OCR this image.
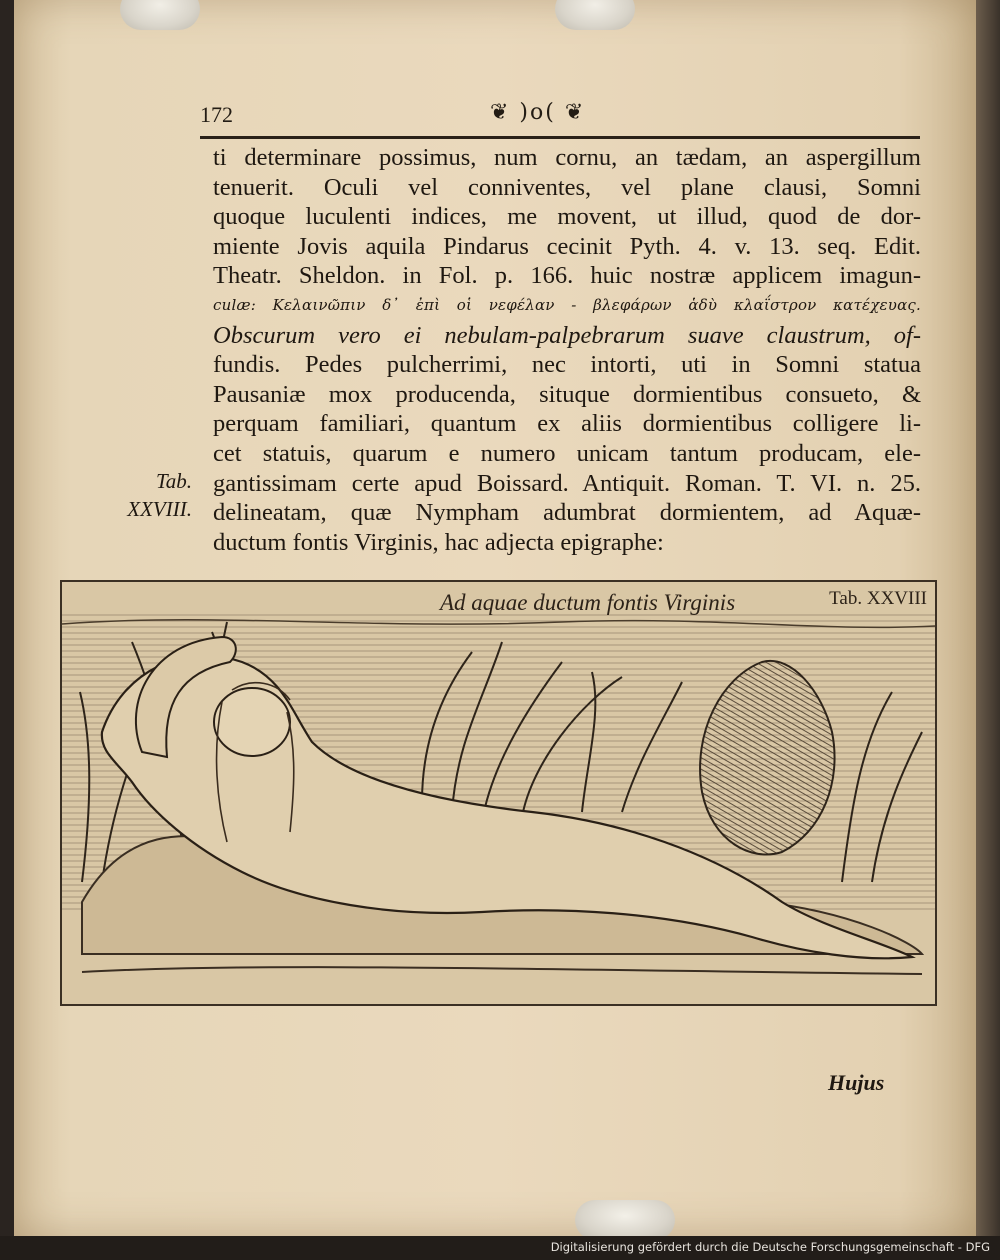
172	❦ )o( ❦
ti determinare possimus, num cornu, an tædam, an aspergillum
tenuerit. Oculi vel conniventes, vel plane clausi, Somni
quoque luculenti indices, me movent, ut illud, quod de dor-
miente Jovis aquila Pindarus cecinit Pyth. 4. v. 13. seq. Edit.
Theatr. Sheldon. in Fol. p. 166. huic nostræ applicem imagun-
culæ: Κελαινῶπιν δ᾽ ἐπὶ οἱ νεφέλαν - βλεφάρων ἁδὺ κλαΐστρον κατέχευας.
Obscurum vero ei nebulam-palpebrarum suave claustrum, of-
fundis. Pedes pulcherrimi, nec intorti, uti in Somni statua
Pausaniæ mox producenda, situque dormientibus consueto, &
perquam familiari, quantum ex aliis dormientibus colligere li-
cet statuis, quarum e numero unicam tantum producam, ele-
gantissimam certe apud Boissard. Antiquit. Roman. T. VI. n. 25.
delineatam, quæ Nympham adumbrat dormientem, ad Aquæ-
ductum fontis Virginis, hac adjecta epigraphe:
Tab.
XXVIII.
Ad aquae ductum fontis Virginis	Tab. XXVIII
Hujus
Digitalisierung gefördert durch die Deutsche Forschungsgemeinschaft - DFG
